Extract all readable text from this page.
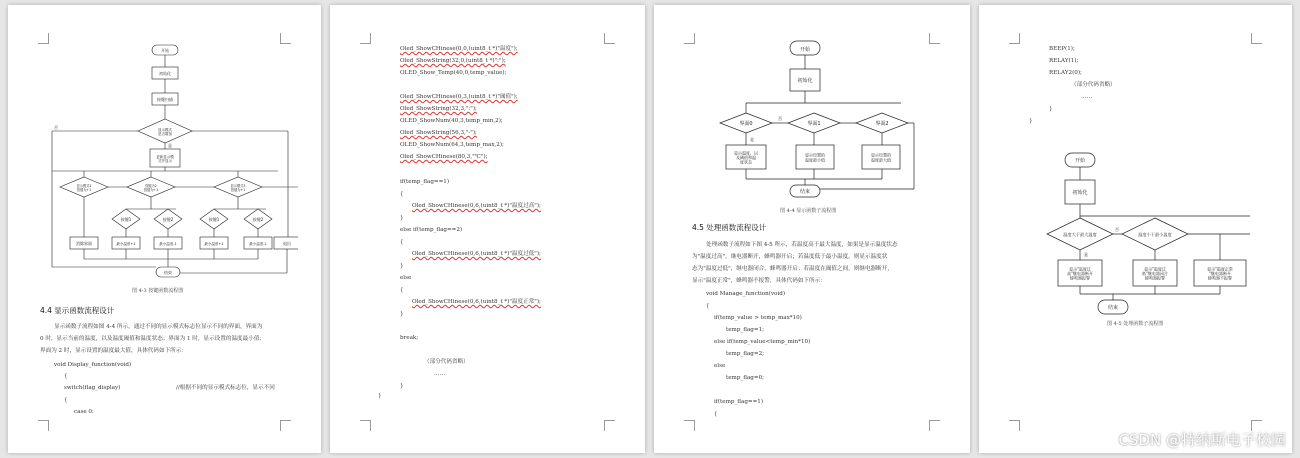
开始
初始化
按键扫描
显示模式是否增加
更新显示模式并显示
显示模式1 按键为+1
按键为2 按键为+1
显示模式3 按键为+1
按键1	按键2	按键1	按键2
消除界面	最小温度+1	最小温度-1	最小温度+1	最小温度-1	退出
结束
是
否
图 4-3 按键函数流程图
4.4 显示函数流程设计
显示函数子流程如图 4-4 所示，通过不同的显示模式标志位显示不同的界面，界面为
0 时，显示当前的温度，以及温度阈值和温度状态；界面为 1 时，显示设置的温度最小值；
界面为 2 时，显示设置的温度最大值，具体代码如下所示：
void Display_function(void)
{
switch(flag_display)	//根据不同的显示模式标志位，显示不同
{
case 0:
Oled_ShowCHinese(0,0,(uint8_t *)"温度");
Oled_ShowString(32,0,(uint8_t *)":");
OLED_Show_Temp(40,0,temp_value);
Oled_ShowCHinese(0,3,(uint8_t *)"阈值");
Oled_ShowString(32,3,":");
OLED_ShowNum(40,3,temp_min,2);
Oled_ShowString(56,3,"-");
OLED_ShowNum(64,3,temp_max,2);
Oled_ShowCHinese(80,3,"℃");
if(temp_flag==1)
{
Oled_ShowCHinese(0,6,(uint8_t *)"温度过高");
}
else if(temp_flag==2)
{
Oled_ShowCHinese(0,6,(uint8_t *)"温度过低");
}
else
{
Oled_ShowCHinese(0,6,(uint8_t *)"温度正常");
}
break;
（部分代码省略）
……
}
}
开始
初始化
界面0	界面1	界面2
显示温度，以及阈值和温度状态
显示设置的温度最小值
显示设置的温度最大值
结束
是
否
图 4-4 显示函数子流程图
4.5 处理函数流程设计
处理函数子流程如下图 4-5 所示，若温度高于最大温度，如果是显示温度状态
为"温度过高"，继电器断开，蜂鸣器开启；若温度低于最小温度，则显示温度状
态为"温度过低"，继电器闭合，蜂鸣器开启；若温度在阈值之间，则继电器断开，
显示"温度正常"，蜂鸣器不报警，具体代码如下所示：
void Manage_function(void)
{
if(temp_value > temp_max*10)
temp_flag=1;
else if(temp_value<temp_min*10)
temp_flag=2;
else
temp_flag=0;
if(temp_flag==1)
{
BEEP(1);
RELAY(1);
RELAY2(0);
（部分代码省略）
……
}
}
开始
初始化
温度大于最大温度	温度小于最小温度
显示"温度过高"继电器断开蜂鸣器报警
显示"温度过低"继电器闭合蜂鸣器报警
显示"温度正常"继电器断开蜂鸣器不报警
结束
是
否
图 4-5 处理函数子流程图
CSDN @特纳斯电子校园
